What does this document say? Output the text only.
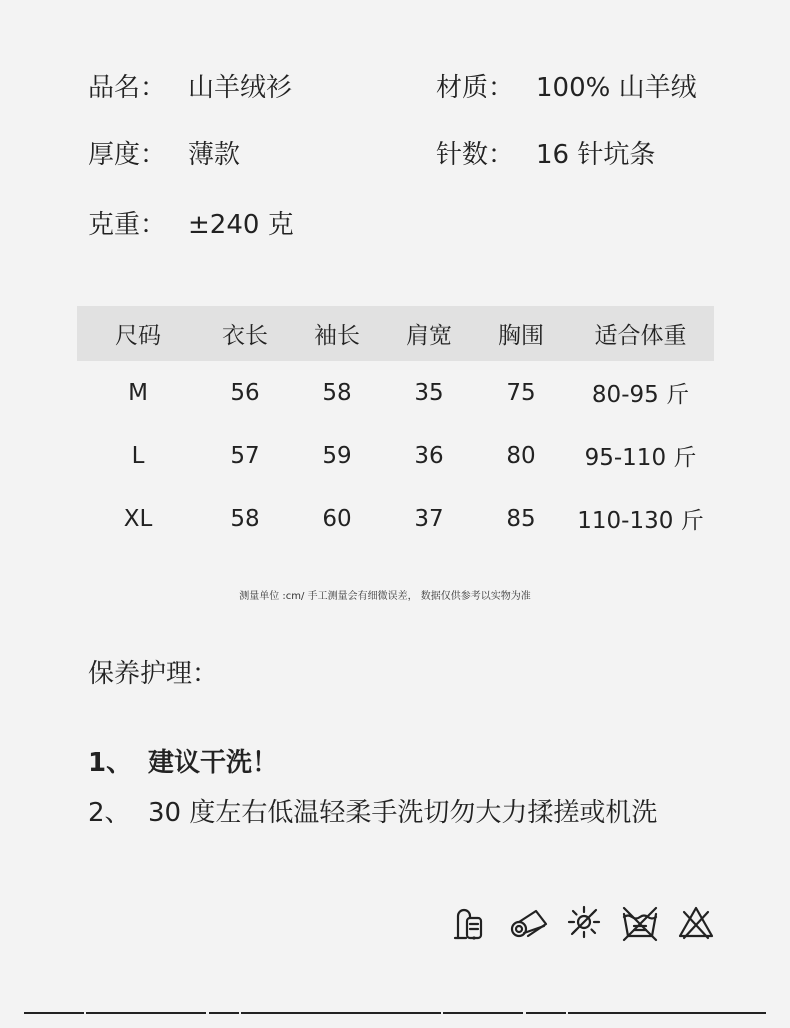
品名： 山羊绒衫	材质： 100% 山羊绒
厚度： 薄款	针数： 16 针坑条
克重： ±240 克
尺码	衣长	袖长	肩宽	胸围	适合体重
M	56	58	35	75	80-95 斤
L	57	59	36	80	95-110 斤
XL	58	60	37	85	110-130 斤
测量单位 :cm/ 手工测量会有细微误差， 数据仅供参考以实物为准
保养护理：
1、 建议干洗！
2、 30 度左右低温轻柔手洗切勿大力揉搓或机洗
